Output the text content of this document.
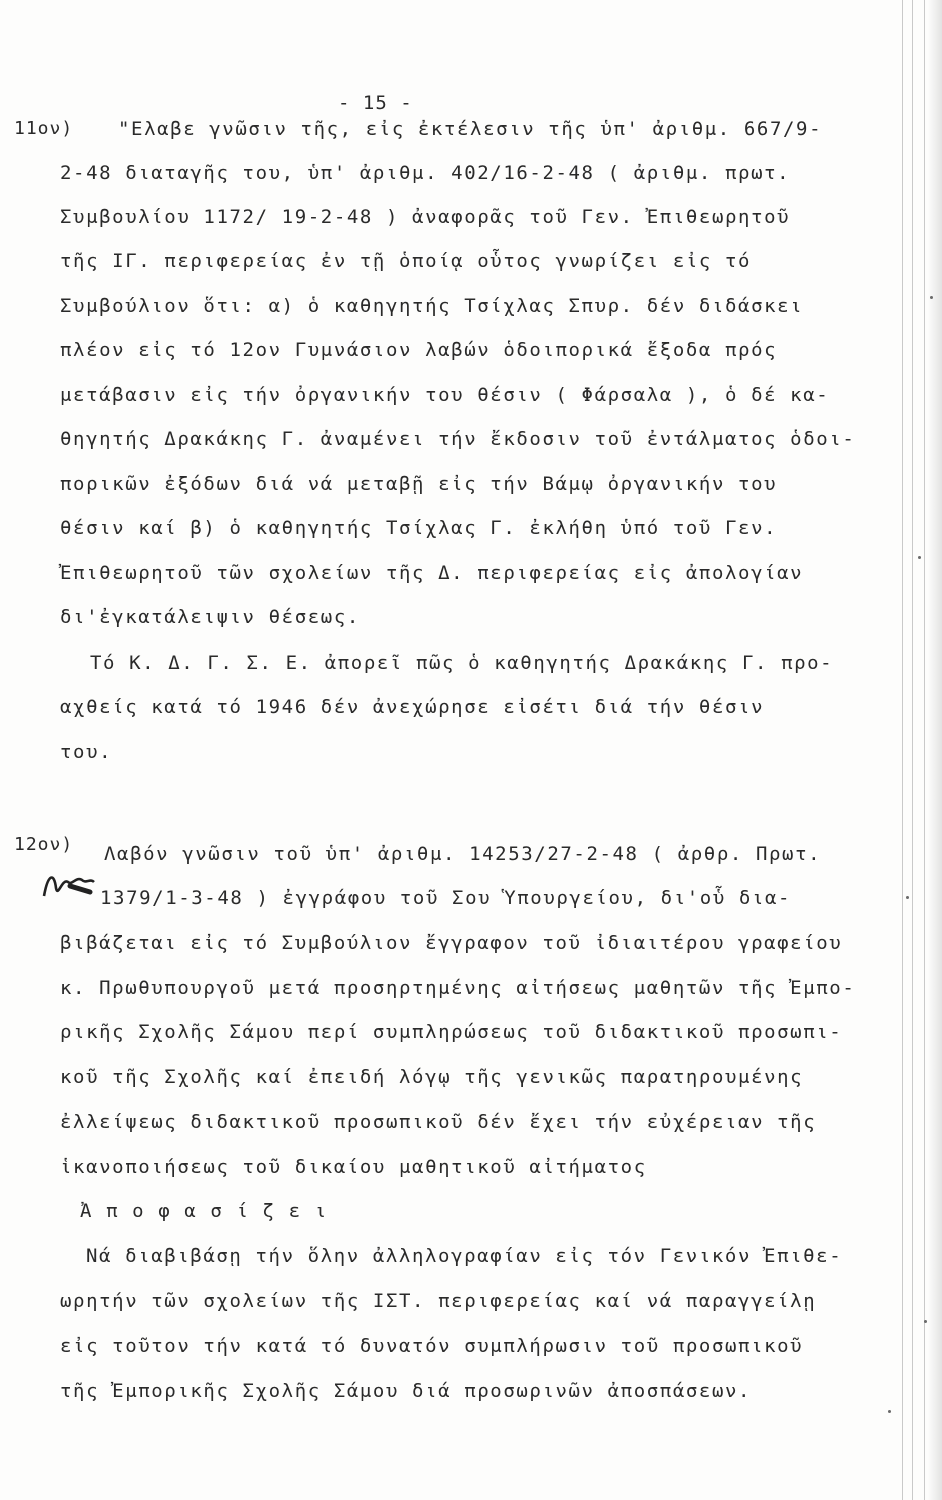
- 15 -
11ον) "Ελαβε γνῶσιν τῆς, εἰς ἐκτέλεσιν τῆς ὑπ' ἀριθμ. 667/9-
2-48 διαταγῆς του, ὑπ' ἀριθμ. 402/16-2-48 ( ἀριθμ. πρωτ.
Συμβουλίου 1172/ 19-2-48 ) ἀναφορᾶς τοῦ Γεν. Ἐπιθεωρητοῦ
τῆς ΙΓ. περιφερείας ἐν τῇ ὁποίᾳ οὗτος γνωρίζει εἰς τό
Συμβούλιον ὅτι: α) ὁ καθηγητής Τσίχλας Σπυρ. δέν διδάσκει
πλέον εἰς τό 12ον Γυμνάσιον λαβών ὁδοιπορικά ἔξοδα πρός
μετάβασιν εἰς τήν ὀργανικήν του θέσιν ( Φάρσαλα ), ὁ δέ κα-
θηγητής Δρακάκης Γ. ἀναμένει τήν ἔκδοσιν τοῦ ἐντάλματος ὁδοι-
πορικῶν ἐξόδων διά νά μεταβῇ εἰς τήν Βάμῳ ὀργανικήν του
θέσιν καί β) ὁ καθηγητής Τσίχλας Γ. ἐκλήθη ὑπό τοῦ Γεν.
Ἐπιθεωρητοῦ τῶν σχολείων τῆς Δ. περιφερείας εἰς ἀπολογίαν
δι'ἐγκατάλειψιν θέσεως.
Τό Κ. Δ. Γ. Σ. Ε. ἀπορεῖ πῶς ὁ καθηγητής Δρακάκης Γ. προ-
αχθείς κατά τό 1946 δέν ἀνεχώρησε εἰσέτι διά τήν θέσιν
του.
12ον) Λαβόν γνῶσιν τοῦ ὑπ' ἀριθμ. 14253/27-2-48 ( ἀρθρ. Πρωτ.
1379/1-3-48 ) ἐγγράφου τοῦ Σου Ὑπουργείου, δι'οὗ δια-
βιβάζεται εἰς τό Συμβούλιον ἔγγραφον τοῦ ἰδιαιτέρου γραφείου
κ. Πρωθυπουργοῦ μετά προσηρτημένης αἰτήσεως μαθητῶν τῆς Ἐμπο-
ρικῆς Σχολῆς Σάμου περί συμπληρώσεως τοῦ διδακτικοῦ προσωπι-
κοῦ τῆς Σχολῆς καί ἐπειδή λόγῳ τῆς γενικῶς παρατηρουμένης
ἐλλείψεως διδακτικοῦ προσωπικοῦ δέν ἔχει τήν εὐχέρειαν τῆς
ἱκανοποιήσεως τοῦ δικαίου μαθητικοῦ αἰτήματος
Ἀ π ο φ α σ ί ζ ε ι
Νά διαβιβάσῃ τήν ὅλην ἀλληλογραφίαν εἰς τόν Γενικόν Ἐπιθε-
ωρητήν τῶν σχολείων τῆς ΙΣΤ. περιφερείας καί νά παραγγείλῃ
εἰς τοῦτον τήν κατά τό δυνατόν συμπλήρωσιν τοῦ προσωπικοῦ
τῆς Ἐμπορικῆς Σχολῆς Σάμου διά προσωρινῶν ἀποσπάσεων.
